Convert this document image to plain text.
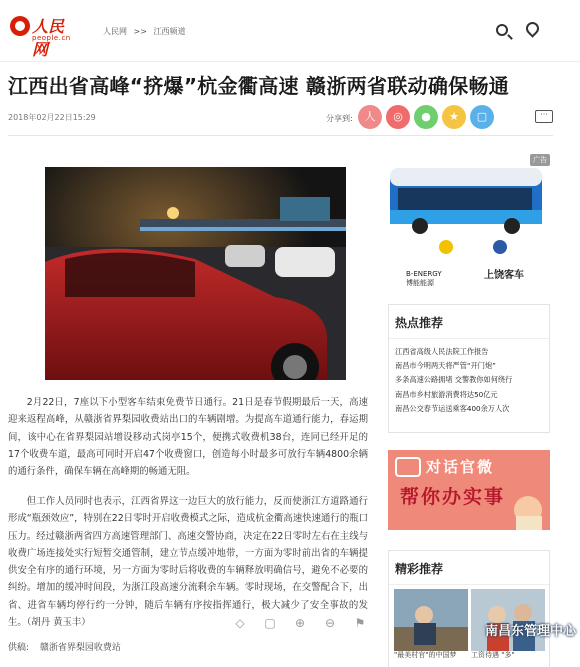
人民网
people.cn
人民网 >> 江西频道
江西出省高峰“挤爆”杭金衢高速 赣浙两省联动确保畅通
2018年02月22日15:29	分享到:	人	◎	●	★	▢	···

2月22日，7座以下小型客车结束免费节日通行。21日是春节假期最后一天，高速迎来返程高峰，从赣浙省界梨园收费站出口的车辆剧增。为提高车道通行能力，春运期间，该中心在省界梨园站增设移动式岗亭15个，便携式收费机38台，连同已经开足的17个收费车道，最高可同时开启47个收费窗口，创造每小时最多可放行车辆4800余辆的通行条件，确保车辆在高峰期的畅通无阻。

但工作人员同时也表示，江西省界这一边巨大的放行能力，反而使浙江方道路通行形成“瓶颈效应”，特别在22日零时开启收费模式之际，造成杭金衢高速快速通行的瓶口压力。经过赣浙两省四方高速管理部门、高速交警协商，决定在22日零时左右在主线与收费广场连接处实行短暂交通管制，建立节点缓冲地带，一方面为零时前出省的车辆提供安全有序的通行环境，另一方面为零时后将收费的车辆释放明确信号，避免不必要的纠纷。增加的缓冲时间段，为浙江段高速分流剩余车辆。零时现场，在交警配合下，出省、进省车辆均停行约一分钟，随后车辆有序按指挥通行，极大减少了安全事故的发生。（胡丹 黄玉丰）	◇ ▢ ⊕ ⊖ ⚑
供稿: 赣浙省界梨园收费站
广告
B-ENERGY
博能能源
上饶客车
热点推荐
江西省高级人民法院工作报告
南昌市今明两天将严管“开门炮”
多条高速公路拥堵 交警教你如何绕行
南昌市乡村旅游消费将达50亿元
南昌公交春节运送乘客400余万人次
对话官微
帮你办实事
精彩推荐
"最美村官"的中国梦 工资待遇 "多"
南昌东管理中心
